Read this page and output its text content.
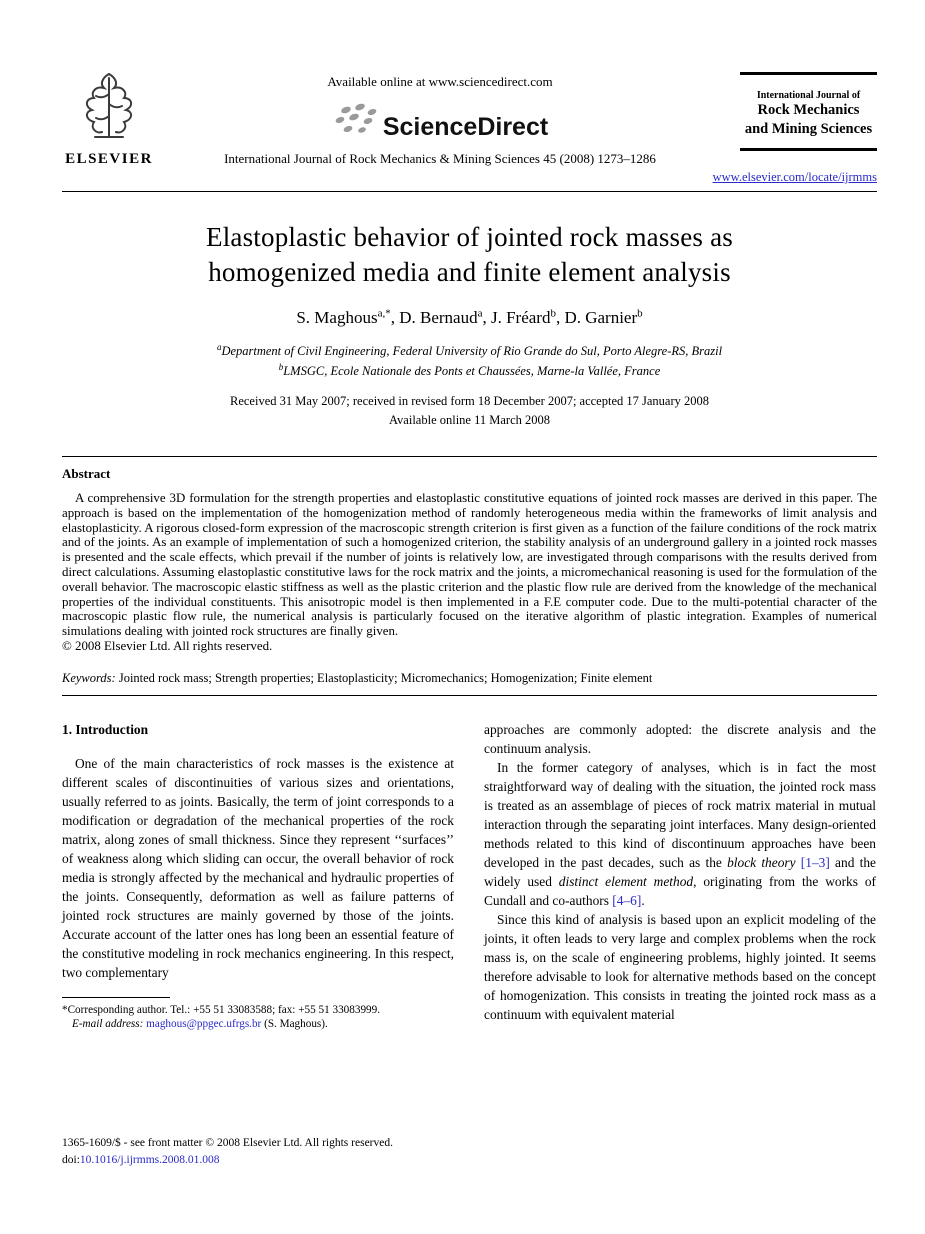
ELSEVIER
Available online at www.sciencedirect.com
ScienceDirect
International Journal of Rock Mechanics & Mining Sciences 45 (2008) 1273–1286
International Journal of
Rock Mechanics
and Mining Sciences
www.elsevier.com/locate/ijrmms
Elastoplastic behavior of jointed rock masses as
homogenized media and finite element analysis
S. Maghous$^{a,*}$, D. Bernaud$^a$, J. Fréard$^b$, D. Garnier$^b$
$^a$Department of Civil Engineering, Federal University of Rio Grande do Sul, Porto Alegre-RS, Brazil
$^b$LMSGC, Ecole Nationale des Ponts et Chaussées, Marne-la Vallée, France
Received 31 May 2007; received in revised form 18 December 2007; accepted 17 January 2008
Available online 11 March 2008
Abstract
A comprehensive 3D formulation for the strength properties and elastoplastic constitutive equations of jointed rock masses are derived in this paper. The approach is based on the implementation of the homogenization method of randomly heterogeneous media within the frameworks of limit analysis and elastoplasticity. A rigorous closed-form expression of the macroscopic strength criterion is first given as a function of the failure conditions of the rock matrix and of the joints. As an example of implementation of such a homogenized criterion, the stability analysis of an underground gallery in a jointed rock masses is presented and the scale effects, which prevail if the number of joints is relatively low, are investigated through comparisons with the results derived from direct calculations. Assuming elastoplastic constitutive laws for the rock matrix and the joints, a micromechanical reasoning is used for the formulation of the overall behavior. The macroscopic elastic stiffness as well as the plastic criterion and the plastic flow rule are derived from the knowledge of the mechanical properties of the individual constituents. This anisotropic model is then implemented in a F.E computer code. Due to the multi-potential character of the macroscopic plastic flow rule, the numerical analysis is particularly focused on the iterative algorithm of plastic integration. Examples of numerical simulations dealing with jointed rock structures are finally given.
© 2008 Elsevier Ltd. All rights reserved.
Keywords: Jointed rock mass; Strength properties; Elastoplasticity; Micromechanics; Homogenization; Finite element
1. Introduction

One of the main characteristics of rock masses is the existence at different scales of discontinuities of various sizes and orientations, usually referred to as joints. Basically, the term of joint corresponds to a modification or degradation of the mechanical properties of the rock matrix, along zones of small thickness. Since they represent ‘‘surfaces’’ of weakness along which sliding can occur, the overall behavior of rock media is strongly affected by the mechanical and hydraulic properties of the joints. Consequently, deformation as well as failure patterns of jointed rock structures are mainly governed by those of the joints. Accurate account of the latter ones has long been an essential feature of the constitutive modeling in rock mechanics engineering. In this respect, two complementary

*Corresponding author. Tel.: +55 51 33083588; fax: +55 51 33083999.
E-mail address: maghous@ppgec.ufrgs.br (S. Maghous).

approaches are commonly adopted: the discrete analysis and the continuum analysis.

In the former category of analyses, which is in fact the most straightforward way of dealing with the situation, the jointed rock mass is treated as an assemblage of pieces of rock matrix material in mutual interaction through the separating joint interfaces. Many design-oriented methods related to this kind of discontinuum approaches have been developed in the past decades, such as the block theory [1–3] and the widely used distinct element method, originating from the works of Cundall and co-authors [4–6].

Since this kind of analysis is based upon an explicit modeling of the joints, it often leads to very large and complex problems when the rock mass is, on the scale of engineering problems, highly jointed. It seems therefore advisable to look for alternative methods based on the concept of homogenization. This consists in treating the jointed rock mass as a continuum with equivalent material

1365-1609/$ - see front matter © 2008 Elsevier Ltd. All rights reserved.
doi:10.1016/j.ijrmms.2008.01.008
